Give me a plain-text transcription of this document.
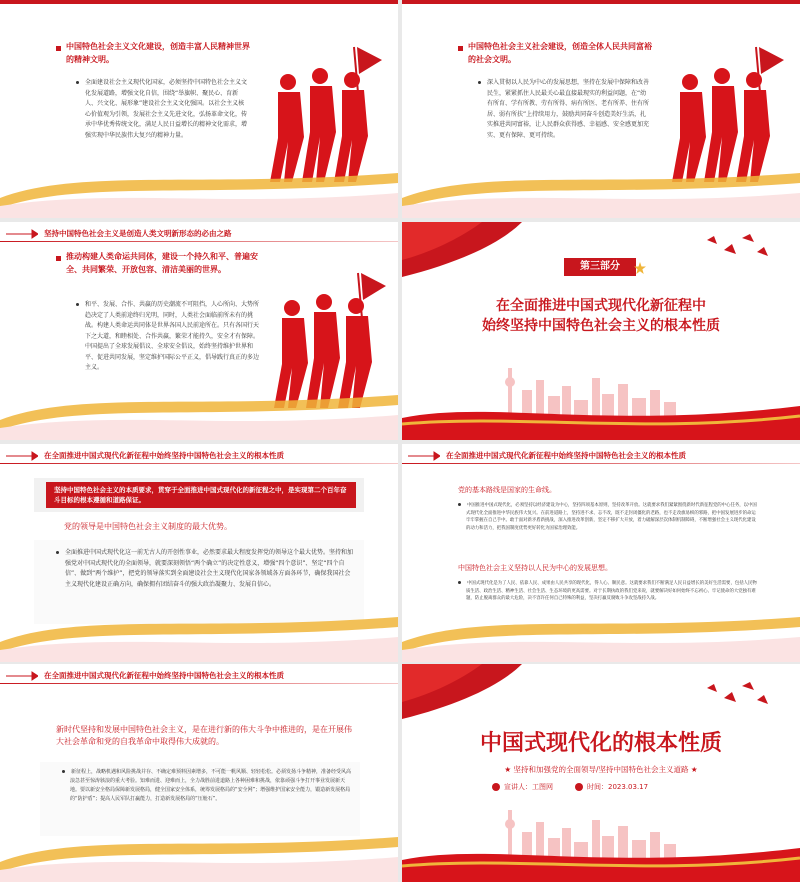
中国特色社会主义文化建设，创造丰富人民精神世界的精神文明。
全面建设社会主义现代化国家，必须坚持中国特色社会主义文化发展道路，增强文化自信，围绕“举旗帜、聚民心、育新人、兴文化、展形象”建设社会主义文化强国。以社会主义核心价值观为引领，发展社会主义先进文化，弘扬革命文化，传承中华优秀传统文化，满足人民日益增长的精神文化需求，增强实现中华民族伟大复兴的精神力量。
中国特色社会主义社会建设，创造全体人民共同富裕的社会文明。
深入贯彻以人民为中心的发展思想，坚持在发展中保障和改善民生，紧紧抓住人民最关心最直接最现实的利益问题，在“幼有所育、学有所教、劳有所得、病有所医、老有所养、住有所居、弱有所扶”上持续用力，鼓励共同奋斗创造美好生活，扎实推进共同富裕，让人民群众获得感、幸福感、安全感更加充实、更有保障、更可持续。
坚持中国特色社会主义是创造人类文明新形态的必由之路
推动构建人类命运共同体，建设一个持久和平、普遍安全、共同繁荣、开放包容、清洁美丽的世界。
和平、发展、合作、共赢的历史潮流不可阻挡，人心所向、大势所趋决定了人类前途终归光明，同时，人类社会面临前所未有的挑战。构建人类命运共同体是世界各国人民前途所在。只有各国行天下之大道，和睦相处、合作共赢，繁荣才能持久，安全才有保障。中国提出了全球发展倡议、全球安全倡议，始终坚持维护世界和平、促进共同发展，坚定维护国际公平正义，倡导践行真正的多边主义。
第三部分
在全面推进中国式现代化新征程中
始终坚持中国特色社会主义的根本性质
在全面推进中国式现代化新征程中始终坚持中国特色社会主义的根本性质
坚持中国特色社会主义的本质要求，贯穿于全面推进中国式现代化的新征程之中，是实现第二个百年奋斗目标的根本遵循和道路保证。
党的领导是中国特色社会主义制度的最大优势。
全面推进中国式现代化这一前无古人的开创性事业，必然要求最大程度发挥党的领导这个最大优势。坚持和加强党对中国式现代化的全面领导，就要深刻领悟“两个确立”的决定性意义，增强“四个意识”、坚定“四个自信”、做到“两个维护”，把党的领导落实到全面建设社会主义现代化国家各领域各方面各环节，确保我国社会主义现代化建设正确方向，确保拥有团结奋斗的强大政治凝聚力、发展自信心。
在全面推进中国式现代化新征程中始终坚持中国特色社会主义的根本性质
党的基本路线是国家的生命线。
中国推进中国式现代化，必须坚持以经济建设为中心，坚持四项基本原则，坚持改革开放。这就要求我们紧紧围绕新时代新征程党的中心任务，以中国式现代化全面推进中华民族伟大复兴。在前进道路上，坚持进不求、志不改，既不走封闭僵化的老路，也不走改旗易帜的邪路，把中国发展进步的命运牢牢掌握在自己手中。敢于面对新矛盾新挑战，深入推进改革创新，坚定不移扩大开放，着力破解深层次体制机制障碍，不断增强社会主义现代化建设的动力和活力，把我国制度优势更好转化为国家治理效能。
中国特色社会主义坚持以人民为中心的发展思想。
中国式现代化是为了人民、依靠人民、成果由人民共享的现代化，得人心、顺民意。这就要求我们不断满足人民日益增长的美好生活需要，包括人民物质生活、政治生活、精神生活、社会生活、生态环境的更高需要。对于长期执政的我们党来说，就要解决好如何始终不忘初心、牢记使命的大党独有难题，防止脱离群众的最大危险，决不容许任何自己特殊的利益，坚决打赢反腐败斗争攻坚战持久战。
在全面推进中国式现代化新征程中始终坚持中国特色社会主义的根本性质
新时代坚持和发展中国特色社会主义，是在进行新的伟大斗争中推进的，是在开展伟大社会革命和党的自我革命中取得伟大成就的。
新征程上，战略机遇和风险挑战并存、不确定难预料因素增多，不可能一帆风顺、轻轻松松。必须发扬斗争精神，准备经受风高浪急甚至惊涛骇浪的重大考验。知难而进、迎难而上，全力战胜前进道路上各种困难和挑战，依靠顽强斗争打开事业发展新天地。要以新安全格局保障新发展格局，健全国家安全体系，统筹发展格局的“安全网”；增强维护国家安全能力，锻造新发展格局的“防护盾”；提高人民军队打赢能力，打造新发展格局的“压舱石”。
中国式现代化的根本性质
★ 坚持和加强党的全面领导/坚持中国特色社会主义道路 ★
宣讲人：工图网	时间：2023.03.17
